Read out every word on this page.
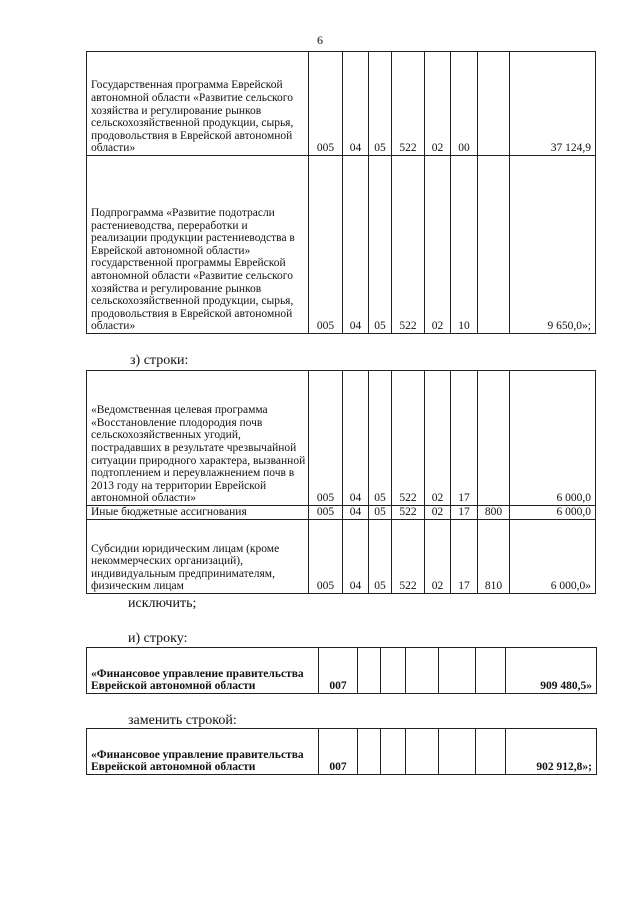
6
Государственная программа Еврейской автономной области «Развитие сельского хозяйства и регулирование рынков сельскохозяйственной продукции, сырья, продовольствия в Еврейской автономной области»	005	04	05	522	02	00		37 124,9
Подпрограмма «Развитие подотрасли растениеводства, переработки и реализации продукции растениеводства в Еврейской автономной области» государственной программы Еврейской автономной области «Развитие сельского хозяйства и регулирование рынков сельскохозяйственной продукции, сырья, продовольствия в Еврейской автономной области»	005	04	05	522	02	10		9 650,0»;
з) строки:
«Ведомственная целевая программа «Восстановление плодородия почв сельскохозяйственных угодий, пострадавших в результате чрезвычайной ситуации природного характера, вызванной подтоплением и переувлажнением почв в 2013 году на территории Еврейской автономной области»	005	04	05	522	02	17		6 000,0
Иные бюджетные ассигнования	005	04	05	522	02	17	800	6 000,0
Субсидии юридическим лицам (кроме некоммерческих организаций), индивидуальным предпринимателям, физическим лицам	005	04	05	522	02	17	810	6 000,0»
исключить;
и) строку:
«Финансовое управление правительства Еврейской автономной области	007						909 480,5»
заменить строкой:
«Финансовое управление правительства Еврейской автономной области	007						902 912,8»;
